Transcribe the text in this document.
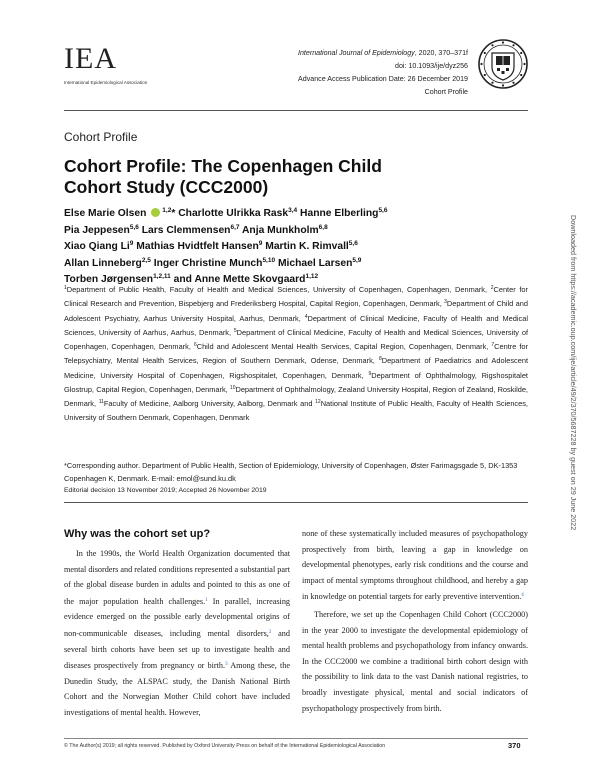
IEA
International Epidemiological Association
International Journal of Epidemiology, 2020, 370–371f
doi: 10.1093/ije/dyz256
Advance Access Publication Date: 26 December 2019
Cohort Profile
Cohort Profile
Cohort Profile: The Copenhagen Child Cohort Study (CCC2000)
Else Marie Olsen $^{1,2}$* Charlotte Ulrikka Rask$^{3,4}$ Hanne Elberling$^{5,6}$
Pia Jeppesen$^{5,6}$ Lars Clemmensen$^{6,7}$ Anja Munkholm$^{6,8}$
Xiao Qiang Li$^9$ Mathias Hvidtfelt Hansen$^9$ Martin K. Rimvall$^{5,6}$
Allan Linneberg$^{2,5}$ Inger Christine Munch$^{5,10}$ Michael Larsen$^{5,9}$
Torben Jørgensen$^{1,2,11}$ and Anne Mette Skovgaard$^{1,12}$
$^1$Department of Public Health, Faculty of Health and Medical Sciences, University of Copenhagen, Copenhagen, Denmark, $^2$Center for Clinical Research and Prevention, Bispebjerg and Frederiksberg Hospital, Capital Region, Copenhagen, Denmark, $^3$Department of Child and Adolescent Psychiatry, Aarhus University Hospital, Aarhus, Denmark, $^4$Department of Clinical Medicine, Faculty of Health and Medical Sciences, University of Aarhus, Aarhus, Denmark, $^5$Department of Clinical Medicine, Faculty of Health and Medical Sciences, University of Copenhagen, Copenhagen, Denmark, $^6$Child and Adolescent Mental Health Services, Capital Region, Copenhagen, Denmark, $^7$Centre for Telepsychiatry, Mental Health Services, Region of Southern Denmark, Odense, Denmark, $^8$Department of Paediatrics and Adolescent Medicine, University Hospital of Copenhagen, Rigshospitalet, Copenhagen, Denmark, $^9$Department of Ophthalmology, Rigshospitalet Glostrup, Capital Region, Copenhagen, Denmark, $^{10}$Department of Ophthalmology, Zealand University Hospital, Region of Zealand, Roskilde, Denmark, $^{11}$Faculty of Medicine, Aalborg University, Aalborg, Denmark and $^{12}$National Institute of Public Health, Faculty of Health Sciences, University of Southern Denmark, Copenhagen, Denmark
*Corresponding author. Department of Public Health, Section of Epidemiology, University of Copenhagen, Øster Farimagsgade 5, DK-1353 Copenhagen K, Denmark. E-mail: emol@sund.ku.dk
Editorial decision 13 November 2019; Accepted 26 November 2019
Why was the cohort set up?
In the 1990s, the World Health Organization documented that mental disorders and related conditions represented a substantial part of the global disease burden in adults and pointed to this as one of the major population health challenges.$^1$ In parallel, increasing evidence emerged on the possible early developmental origins of non-communicable diseases, including mental disorders,$^2$ and several birth cohorts have been set up to investigate health and diseases prospectively from pregnancy or birth.$^3$ Among these, the Dunedin Study, the ALSPAC study, the Danish National Birth Cohort and the Norwegian Mother Child cohort have included investigations of mental health. However,
none of these systematically included measures of psychopathology prospectively from birth, leaving a gap in knowledge on developmental phenotypes, early risk conditions and the course and impact of mental symptoms throughout childhood, and hereby a gap in knowledge on potential targets for early preventive intervention.$^4$
Therefore, we set up the Copenhagen Child Cohort (CCC2000) in the year 2000 to investigate the developmental epidemiology of mental health problems and psychopathology from infancy onwards. In the CCC2000 we combine a traditional birth cohort design with the possibility to link data to the vast Danish national registries, to broadly investigate physical, mental and social indicators of psychopathology prospectively from birth.
© The Author(s) 2019; all rights reserved. Published by Oxford University Press on behalf of the International Epidemiological Association	370
Downloaded from https://academic.oup.com/ije/article/49/2/370/5687228 by guest on 29 June 2022
